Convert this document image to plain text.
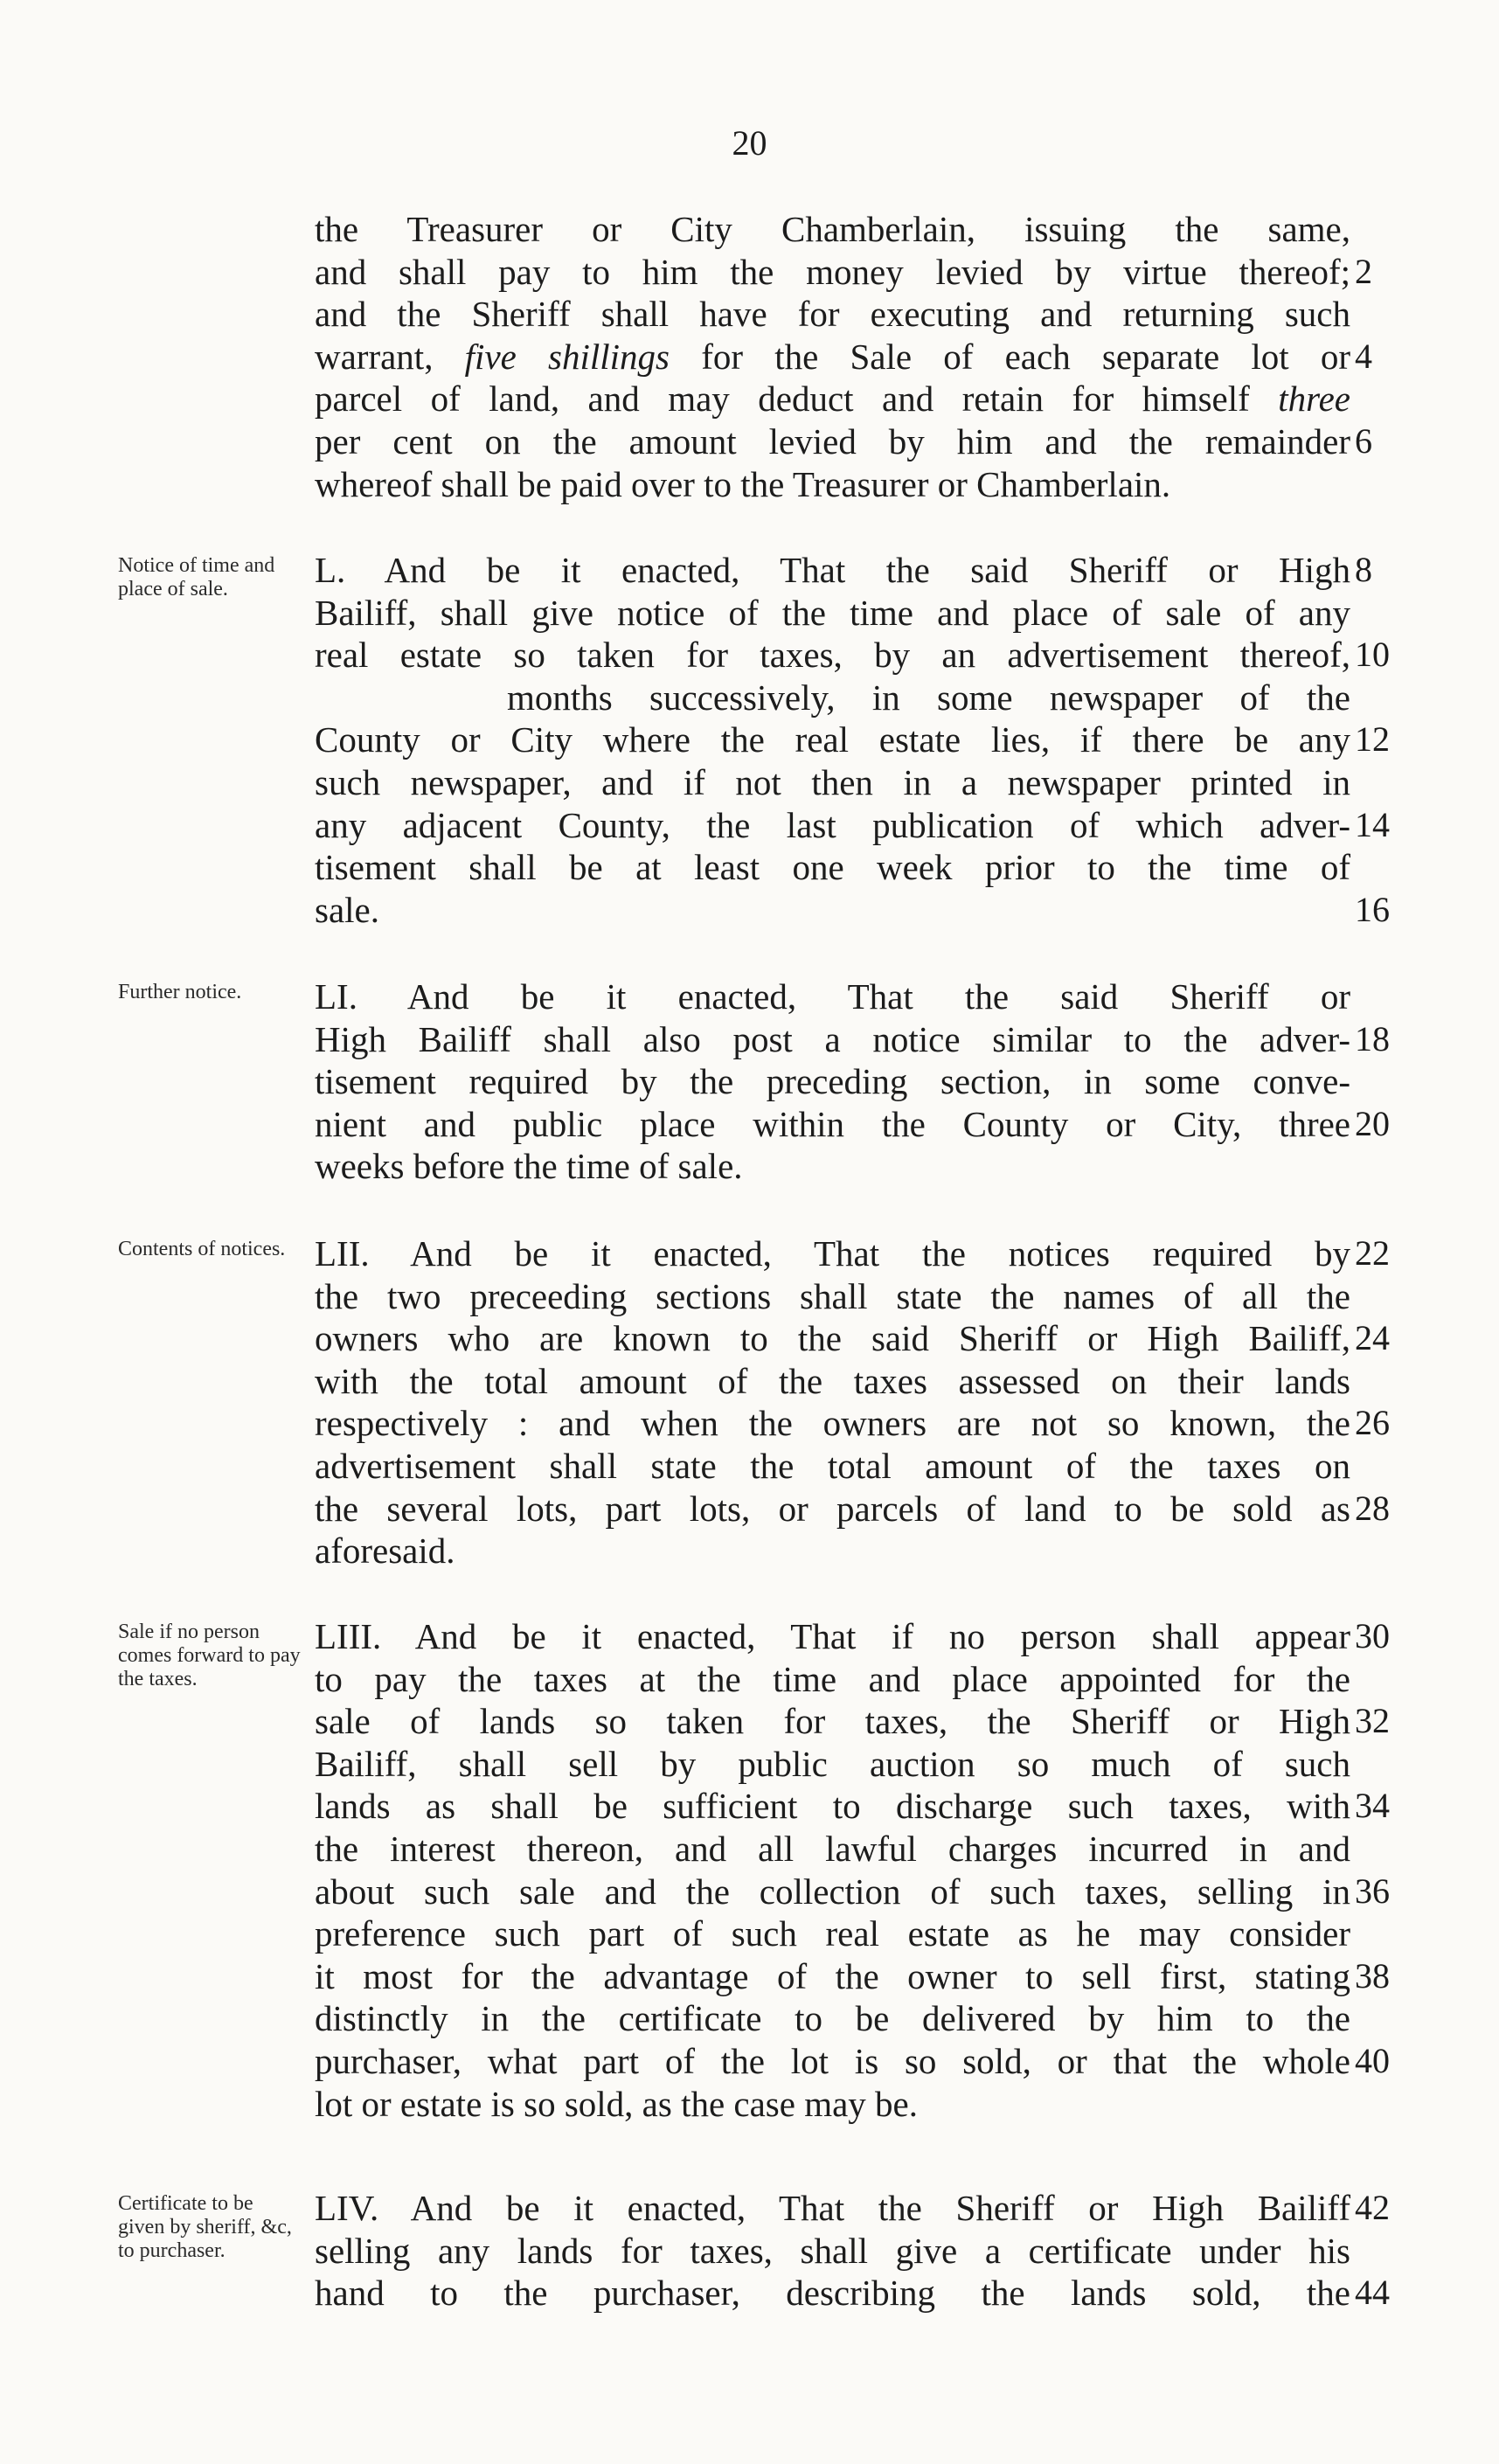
20
the Treasurer or City Chamberlain, issuing the same,
and shall pay to him the money levied by virtue thereof; 2
and the Sheriff shall have for executing and returning such
warrant, five shillings for the Sale of each separate lot or 4
parcel of land, and may deduct and retain for himself three
per cent on the amount levied by him and the remainder 6
whereof shall be paid over to the Treasurer or Chamberlain.
Notice of time and place of sale.	L. And be it enacted, That the said Sheriff or High 8
Bailiff, shall give notice of the time and place of sale of any
real estate so taken for taxes, by an advertisement thereof, 10
months successively, in some newspaper of the
County or City where the real estate lies, if there be any 12
such newspaper, and if not then in a newspaper printed in
any adjacent County, the last publication of which adver- 14
tisement shall be at least one week prior to the time of
sale.	16
Further notice.	LI. And be it enacted, That the said Sheriff or
High Bailiff shall also post a notice similar to the adver- 18
tisement required by the preceding section, in some conve-
nient and public place within the County or City, three 20
weeks before the time of sale.
Contents of notices. LII. And be it enacted, That the notices required by 22
the two preceeding sections shall state the names of all the
owners who are known to the said Sheriff or High Bailiff, 24
with the total amount of the taxes assessed on their lands
respectively : and when the owners are not so known, the 26
advertisement shall state the total amount of the taxes on
the several lots, part lots, or parcels of land to be sold as 28
aforesaid.
Sale if no person comes forward to pay the taxes.
LIII. And be it enacted, That if no person shall appear 30
to pay the taxes at the time and place appointed for the
sale of lands so taken for taxes, the Sheriff or High 32
Bailiff, shall sell by public auction so much of such
lands as shall be sufficient to discharge such taxes, with 34
the interest thereon, and all lawful charges incurred in and
about such sale and the collection of such taxes, selling in 36
preference such part of such real estate as he may consider
it most for the advantage of the owner to sell first, stating 38
distinctly in the certificate to be delivered by him to the
purchaser, what part of the lot is so sold, or that the whole 40
lot or estate is so sold, as the case may be.
Certificate to be given by sheriff, &c, to purchaser.
LIV. And be it enacted, That the Sheriff or High Bailiff 42
selling any lands for taxes, shall give a certificate under his
hand to the purchaser, describing the lands sold, the 44
